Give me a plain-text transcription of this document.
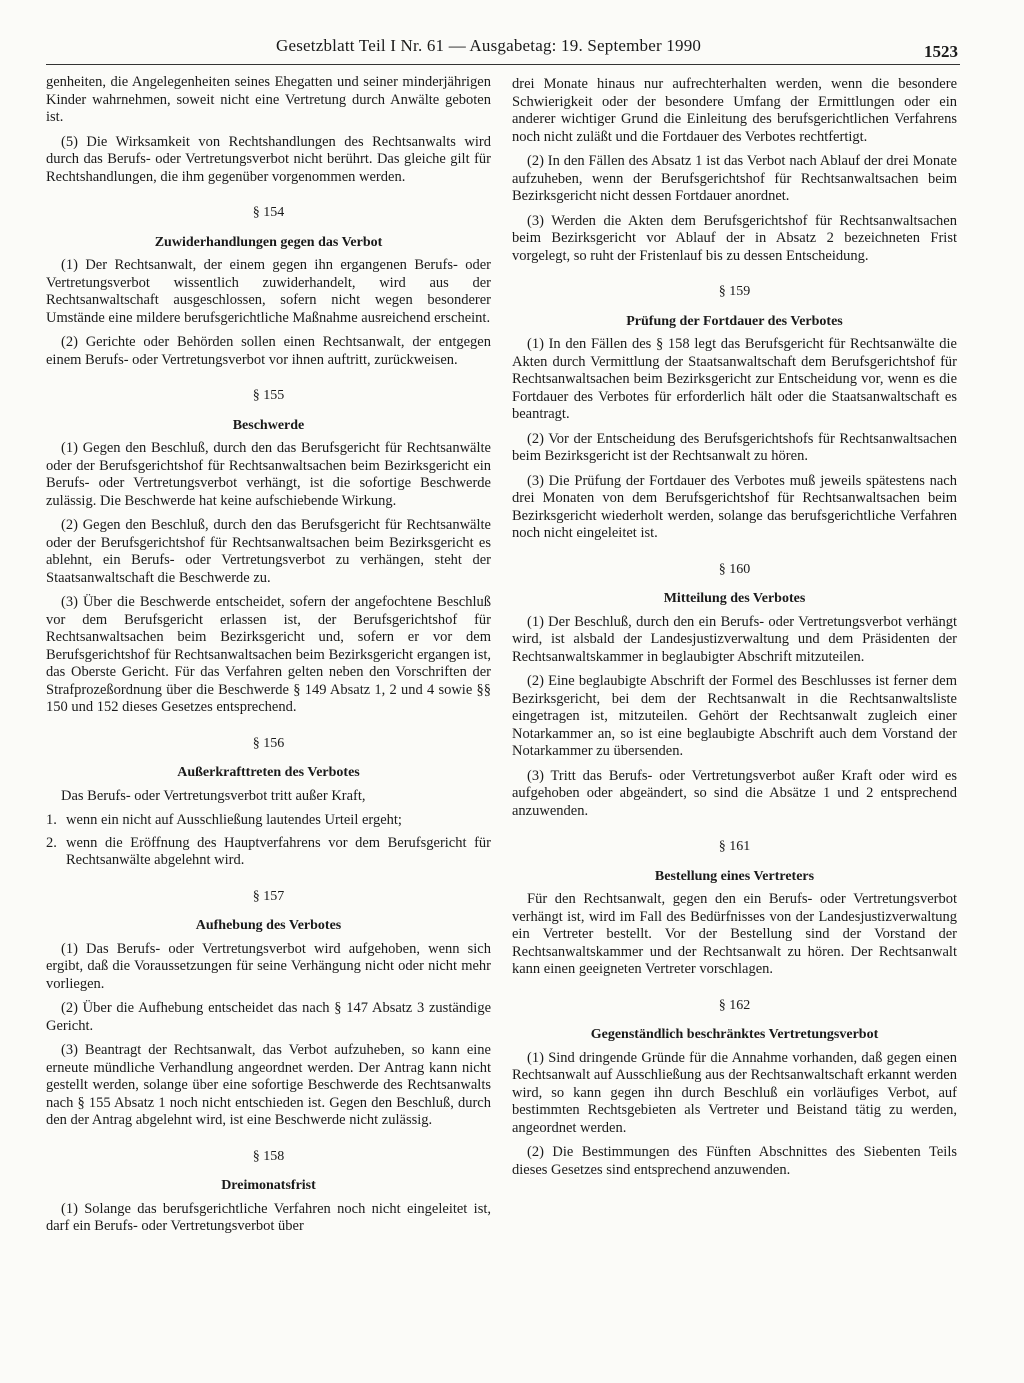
Gesetzblatt Teil I Nr. 61 — Ausgabetag: 19. September 1990	1523

genheiten, die Angelegenheiten seines Ehegatten und seiner minderjährigen Kinder wahrnehmen, soweit nicht eine Vertretung durch Anwälte geboten ist.

(5) Die Wirksamkeit von Rechtshandlungen des Rechtsanwalts wird durch das Berufs- oder Vertretungsverbot nicht berührt. Das gleiche gilt für Rechtshandlungen, die ihm gegenüber vorgenommen werden.

§ 154
Zuwiderhandlungen gegen das Verbot

(1) Der Rechtsanwalt, der einem gegen ihn ergangenen Berufs- oder Vertretungsverbot wissentlich zuwiderhandelt, wird aus der Rechtsanwaltschaft ausgeschlossen, sofern nicht wegen besonderer Umstände eine mildere berufsgerichtliche Maßnahme ausreichend erscheint.

(2) Gerichte oder Behörden sollen einen Rechtsanwalt, der entgegen einem Berufs- oder Vertretungsverbot vor ihnen auftritt, zurückweisen.

§ 155
Beschwerde

(1) Gegen den Beschluß, durch den das Berufsgericht für Rechtsanwälte oder der Berufsgerichtshof für Rechtsanwaltsachen beim Bezirksgericht ein Berufs- oder Vertretungsverbot verhängt, ist die sofortige Beschwerde zulässig. Die Beschwerde hat keine aufschiebende Wirkung.

(2) Gegen den Beschluß, durch den das Berufsgericht für Rechtsanwälte oder der Berufsgerichtshof für Rechtsanwaltsachen beim Bezirksgericht es ablehnt, ein Berufs- oder Vertretungsverbot zu verhängen, steht der Staatsanwaltschaft die Beschwerde zu.

(3) Über die Beschwerde entscheidet, sofern der angefochtene Beschluß vor dem Berufsgericht erlassen ist, der Berufsgerichtshof für Rechtsanwaltsachen beim Bezirksgericht und, sofern er vor dem Berufsgerichtshof für Rechtsanwaltsachen beim Bezirksgericht ergangen ist, das Oberste Gericht. Für das Verfahren gelten neben den Vorschriften der Strafprozeßordnung über die Beschwerde § 149 Absatz 1, 2 und 4 sowie §§ 150 und 152 dieses Gesetzes entsprechend.

§ 156
Außerkrafttreten des Verbotes

Das Berufs- oder Vertretungsverbot tritt außer Kraft,

1. wenn ein nicht auf Ausschließung lautendes Urteil ergeht;
2. wenn die Eröffnung des Hauptverfahrens vor dem Berufsgericht für Rechtsanwälte abgelehnt wird.
§ 157
Aufhebung des Verbotes

(1) Das Berufs- oder Vertretungsverbot wird aufgehoben, wenn sich ergibt, daß die Voraussetzungen für seine Verhängung nicht oder nicht mehr vorliegen.

(2) Über die Aufhebung entscheidet das nach § 147 Absatz 3 zuständige Gericht.

(3) Beantragt der Rechtsanwalt, das Verbot aufzuheben, so kann eine erneute mündliche Verhandlung angeordnet werden. Der Antrag kann nicht gestellt werden, solange über eine sofortige Beschwerde des Rechtsanwalts nach § 155 Absatz 1 noch nicht entschieden ist. Gegen den Beschluß, durch den der Antrag abgelehnt wird, ist eine Beschwerde nicht zulässig.

§ 158
Dreimonatsfrist

(1) Solange das berufsgerichtliche Verfahren noch nicht eingeleitet ist, darf ein Berufs- oder Vertretungsverbot über

drei Monate hinaus nur aufrechterhalten werden, wenn die besondere Schwierigkeit oder der besondere Umfang der Ermittlungen oder ein anderer wichtiger Grund die Einleitung des berufsgerichtlichen Verfahrens noch nicht zuläßt und die Fortdauer des Verbotes rechtfertigt.

(2) In den Fällen des Absatz 1 ist das Verbot nach Ablauf der drei Monate aufzuheben, wenn der Berufsgerichtshof für Rechtsanwaltsachen beim Bezirksgericht nicht dessen Fortdauer anordnet.

(3) Werden die Akten dem Berufsgerichtshof für Rechtsanwaltsachen beim Bezirksgericht vor Ablauf der in Absatz 2 bezeichneten Frist vorgelegt, so ruht der Fristenlauf bis zu dessen Entscheidung.

§ 159
Prüfung der Fortdauer des Verbotes

(1) In den Fällen des § 158 legt das Berufsgericht für Rechtsanwälte die Akten durch Vermittlung der Staatsanwaltschaft dem Berufsgerichtshof für Rechtsanwaltsachen beim Bezirksgericht zur Entscheidung vor, wenn es die Fortdauer des Verbotes für erforderlich hält oder die Staatsanwaltschaft es beantragt.

(2) Vor der Entscheidung des Berufsgerichtshofs für Rechtsanwaltsachen beim Bezirksgericht ist der Rechtsanwalt zu hören.

(3) Die Prüfung der Fortdauer des Verbotes muß jeweils spätestens nach drei Monaten von dem Berufsgerichtshof für Rechtsanwaltsachen beim Bezirksgericht wiederholt werden, solange das berufsgerichtliche Verfahren noch nicht eingeleitet ist.

§ 160
Mitteilung des Verbotes

(1) Der Beschluß, durch den ein Berufs- oder Vertretungsverbot verhängt wird, ist alsbald der Landesjustizverwaltung und dem Präsidenten der Rechtsanwaltskammer in beglaubigter Abschrift mitzuteilen.

(2) Eine beglaubigte Abschrift der Formel des Beschlusses ist ferner dem Bezirksgericht, bei dem der Rechtsanwalt in die Rechtsanwaltsliste eingetragen ist, mitzuteilen. Gehört der Rechtsanwalt zugleich einer Notarkammer an, so ist eine beglaubigte Abschrift auch dem Vorstand der Notarkammer zu übersenden.

(3) Tritt das Berufs- oder Vertretungsverbot außer Kraft oder wird es aufgehoben oder abgeändert, so sind die Absätze 1 und 2 entsprechend anzuwenden.

§ 161
Bestellung eines Vertreters

Für den Rechtsanwalt, gegen den ein Berufs- oder Vertretungsverbot verhängt ist, wird im Fall des Bedürfnisses von der Landesjustizverwaltung ein Vertreter bestellt. Vor der Bestellung sind der Vorstand der Rechtsanwaltskammer und der Rechtsanwalt zu hören. Der Rechtsanwalt kann einen geeigneten Vertreter vorschlagen.

§ 162
Gegenständlich beschränktes Vertretungsverbot

(1) Sind dringende Gründe für die Annahme vorhanden, daß gegen einen Rechtsanwalt auf Ausschließung aus der Rechtsanwaltschaft erkannt werden wird, so kann gegen ihn durch Beschluß ein vorläufiges Verbot, auf bestimmten Rechtsgebieten als Vertreter und Beistand tätig zu werden, angeordnet werden.

(2) Die Bestimmungen des Fünften Abschnittes des Siebenten Teils dieses Gesetzes sind entsprechend anzuwenden.
